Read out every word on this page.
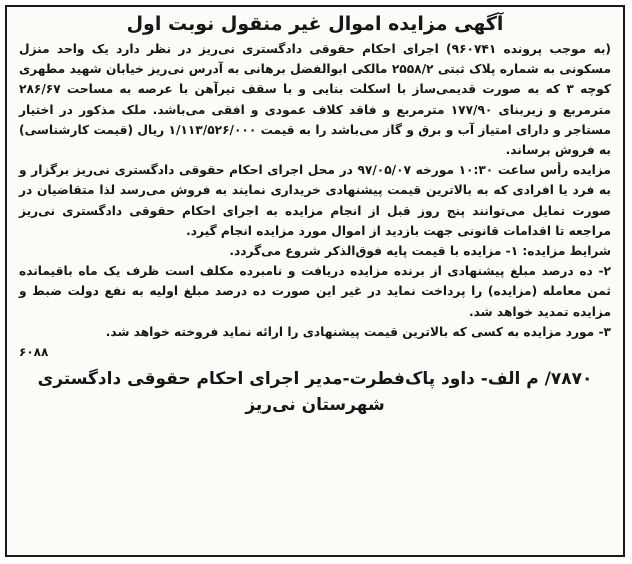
آگهی مزایده اموال غیر منقول نوبت اول

(به موجب پرونده ۹۶۰۷۴۱) اجرای احکام حقوقی دادگستری نی‌ریز در نظر دارد یک واحد منزل مسکونی به شماره پلاک ثبتی ۲۵۵۸/۲ مالکی ابوالفضل برهانی به آدرس نی‌ریز خیابان شهید مطهری کوچه ۳ که به صورت قدیمی‌ساز با اسکلت بنایی و با سقف تیرآهن با عرصه به مساحت ۲۸۶/۶۷ مترمربع و زیربنای ۱۷۷/۹۰ مترمربع و فاقد کلاف عمودی و افقی می‌باشد. ملک مذکور در اختیار مستاجر و دارای امتیاز آب و برق و گاز می‌باشد را به قیمت ۱/۱۱۳/۵۲۶/۰۰۰ ریال (قیمت کارشناسی) به فروش برساند.

مزایده رأس ساعت ۱۰:۳۰ مورخه ۹۷/۰۵/۰۷ در محل اجرای احکام حقوقی دادگستری نی‌ریز برگزار و به فرد یا افرادی که به بالاترین قیمت پیشنهادی خریداری نمایند به فروش می‌رسد لذا متقاضیان در صورت تمایل می‌توانند پنج روز قبل از انجام مزایده به اجرای احکام حقوقی دادگستری نی‌ریز مراجعه تا اقدامات قانونی جهت بازدید از اموال مورد مزایده انجام گیرد.

شرایط مزایده: ۱- مزایده با قیمت پایه فوق‌الذکر شروع می‌گردد.

۲- ده درصد مبلغ پیشنهادی از برنده مزایده دریافت و نامبرده مکلف است ظرف یک ماه باقیمانده ثمن معامله (مزایده) را پرداخت نماید در غیر این صورت ده درصد مبلغ اولیه به نفع دولت ضبط و مزایده تمدید خواهد شد.

۳- مورد مزایده به کسی که بالاترین قیمت پیشنهادی را ارائه نماید فروخته خواهد شد.

۶۰۸۸
۷۸۷۰/ م الف- داود پاک‌فطرت-مدیر اجرای احکام حقوقی دادگستری
شهرستان نی‌ریز
